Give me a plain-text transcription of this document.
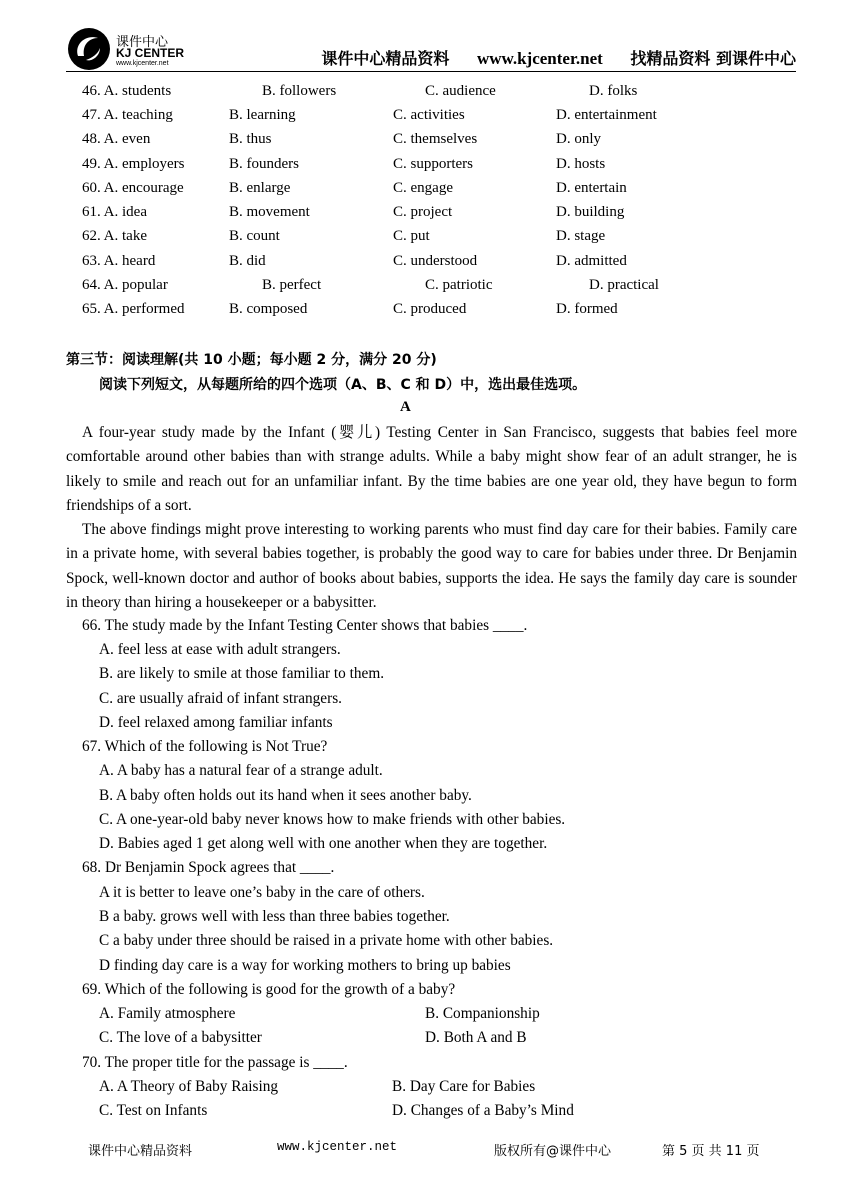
课件中心
KJ CENTER
www.kjcenter.net	课件中心精品资料 www.kjcenter.net 找精品资料 到课件中心
46. A. students	B. followers	C. audience	D. folks
47. A. teaching	B. learning	C. activities	D. entertainment
48. A. even	B. thus	C. themselves	D. only
49. A. employers	B. founders	C. supporters	D. hosts
60. A. encourage	B. enlarge	C. engage	D. entertain
61. A. idea	B. movement	C. project	D. building
62. A. take	B. count	C. put	D. stage
63. A. heard	B. did	C. understood	D. admitted
64. A. popular	B. perfect	C. patriotic	D. practical
65. A. performed	B. composed	C. produced	D. formed
第三节：阅读理解(共 10 小题；每小题 2 分，满分 20 分)
阅读下列短文，从每题所给的四个选项（A、B、C 和 D）中，选出最佳选项。
A

A four-year study made by the Infant (婴儿) Testing Center in San Francisco, suggests that babies feel more comfortable around other babies than with strange adults. While a baby might show fear of an adult stranger, he is likely to smile and reach out for an unfamiliar infant. By the time babies are one year old, they have begun to form friendships of a sort.

The above findings might prove interesting to working parents who must find day care for their babies. Family care in a private home, with several babies together, is probably the good way to care for babies under three. Dr Benjamin Spock, well-known doctor and author of books about babies, supports the idea. He says the family day care is sounder in theory than hiring a housekeeper or a babysitter.

66. The study made by the Infant Testing Center shows that babies ____.
A. feel less at ease with adult strangers.
B. are likely to smile at those familiar to them.
C. are usually afraid of infant strangers.
D. feel relaxed among familiar infants
67. Which of the following is Not True?
A. A baby has a natural fear of a strange adult.
B. A baby often holds out its hand when it sees another baby.
C. A one-year-old baby never knows how to make friends with other babies.
D. Babies aged 1 get along well with one another when they are together.
68. Dr Benjamin Spock agrees that ____.
A it is better to leave one’s baby in the care of others.
B a baby. grows well with less than three babies together.
C a baby under three should be raised in a private home with other babies.
D finding day care is a way for working mothers to bring up babies
69. Which of the following is good for the growth of a baby?
A. Family atmosphere	B. Companionship
C. The love of a babysitter	D. Both A and B
70. The proper title for the passage is ____.
A. A Theory of Baby Raising	B. Day Care for Babies
C. Test on Infants	D. Changes of a Baby’s Mind
课件中心精品资料	www.kjcenter.net	版权所有@课件中心	第 5 页 共 11 页
